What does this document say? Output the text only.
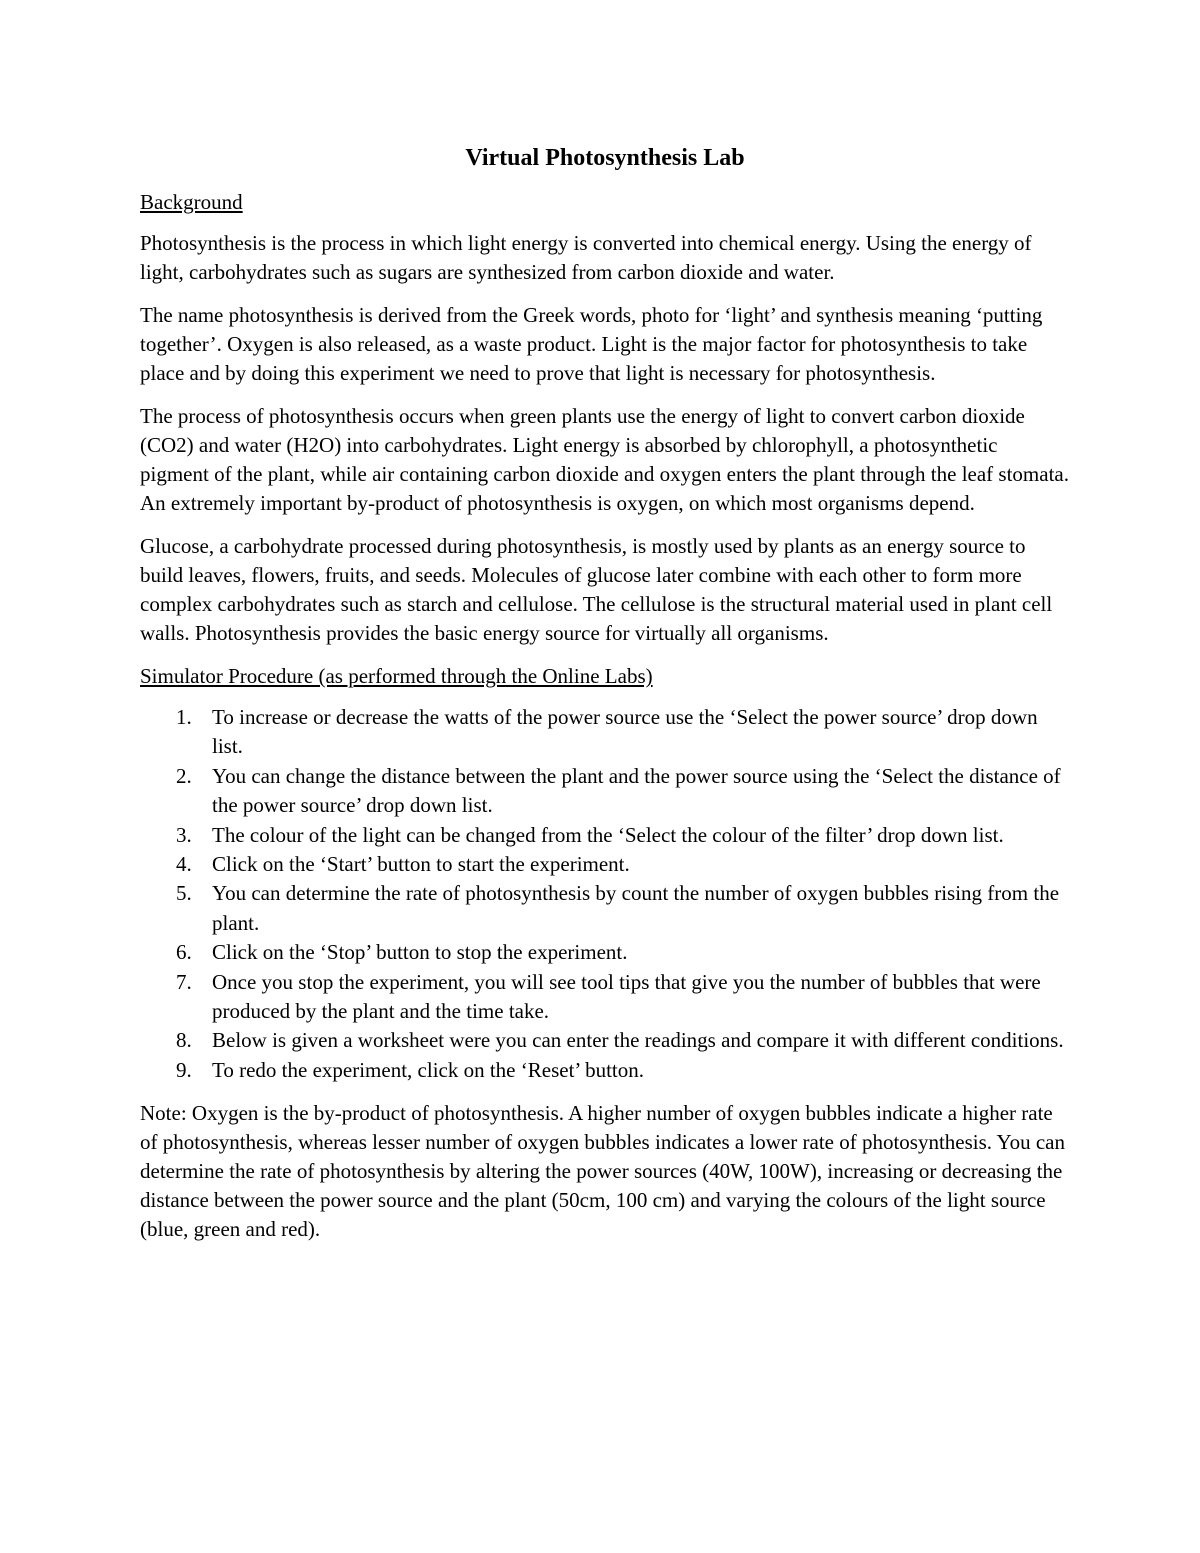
Virtual Photosynthesis Lab
Background

Photosynthesis is the process in which light energy is converted into chemical energy. Using the energy of light, carbohydrates such as sugars are synthesized from carbon dioxide and water.

The name photosynthesis is derived from the Greek words, photo for ‘light’ and synthesis meaning ‘putting together’. Oxygen is also released, as a waste product. Light is the major factor for photosynthesis to take place and by doing this experiment we need to prove that light is necessary for photosynthesis.

The process of photosynthesis occurs when green plants use the energy of light to convert carbon dioxide (CO2) and water (H2O) into carbohydrates. Light energy is absorbed by chlorophyll, a photosynthetic pigment of the plant, while air containing carbon dioxide and oxygen enters the plant through the leaf stomata. An extremely important by-product of photosynthesis is oxygen, on which most organisms depend.

Glucose, a carbohydrate processed during photosynthesis, is mostly used by plants as an energy source to build leaves, flowers, fruits, and seeds. Molecules of glucose later combine with each other to form more complex carbohydrates such as starch and cellulose. The cellulose is the structural material used in plant cell walls. Photosynthesis provides the basic energy source for virtually all organisms.

Simulator Procedure (as performed through the Online Labs)
1. To increase or decrease the watts of the power source use the ‘Select the power source’ drop down list.
2. You can change the distance between the plant and the power source using the ‘Select the distance of the power source’ drop down list.
3. The colour of the light can be changed from the ‘Select the colour of the filter’ drop down list.
4. Click on the ‘Start’ button to start the experiment.
5. You can determine the rate of photosynthesis by count the number of oxygen bubbles rising from the plant.
6. Click on the ‘Stop’ button to stop the experiment.
7. Once you stop the experiment, you will see tool tips that give you the number of bubbles that were produced by the plant and the time take.
8. Below is given a worksheet were you can enter the readings and compare it with different conditions.
9. To redo the experiment, click on the ‘Reset’ button.

Note: Oxygen is the by-product of photosynthesis. A higher number of oxygen bubbles indicate a higher rate of photosynthesis, whereas lesser number of oxygen bubbles indicates a lower rate of photosynthesis. You can determine the rate of photosynthesis by altering the power sources (40W, 100W), increasing or decreasing the distance between the power source and the plant (50cm, 100 cm) and varying the colours of the light source (blue, green and red).
